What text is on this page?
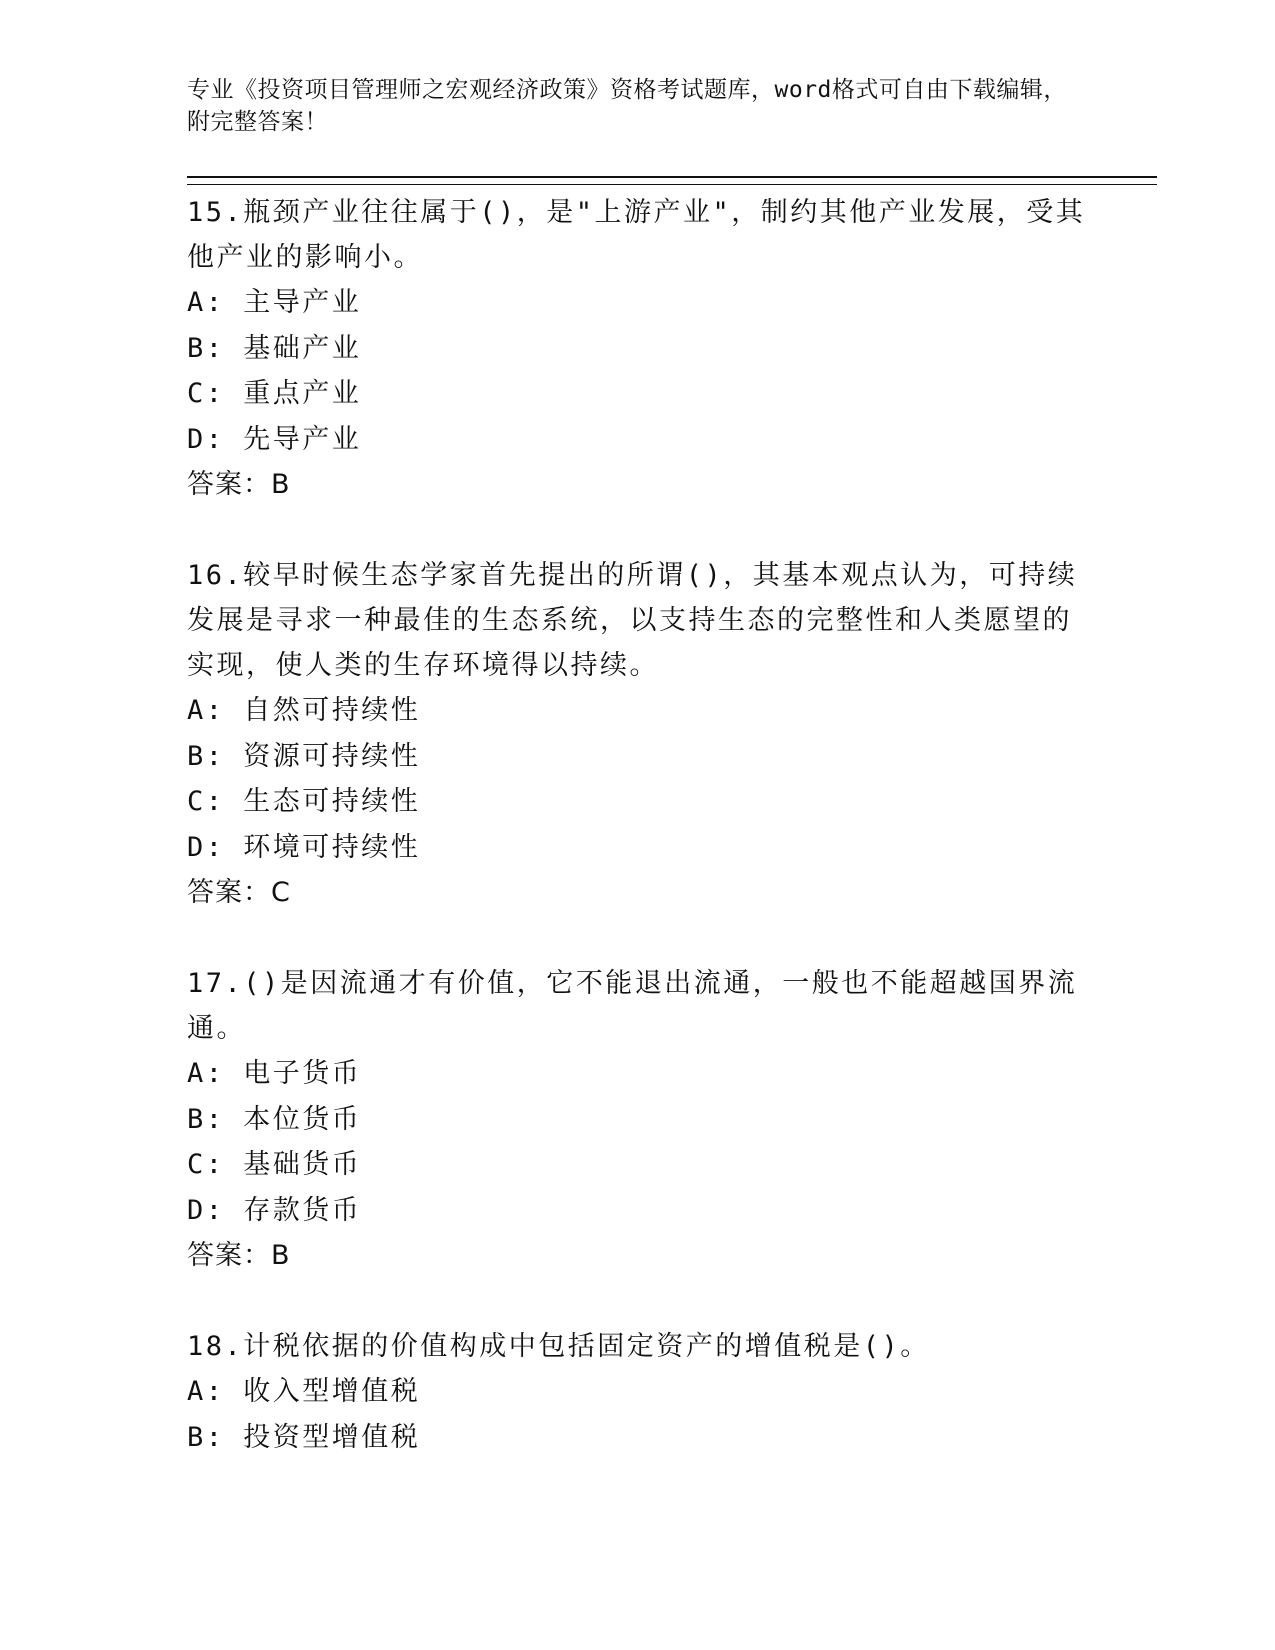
专业《投资项目管理师之宏观经济政策》资格考试题库，word格式可自由下载编辑，附完整答案！

15.瓶颈产业往往属于()，是"上游产业"，制约其他产业发展，受其他产业的影响小。

A: 主导产业
B: 基础产业
C: 重点产业
D: 先导产业
答案：B

16.较早时候生态学家首先提出的所谓()，其基本观点认为，可持续发展是寻求一种最佳的生态系统，以支持生态的完整性和人类愿望的实现，使人类的生存环境得以持续。

A: 自然可持续性
B: 资源可持续性
C: 生态可持续性
D: 环境可持续性
答案：C

17.()是因流通才有价值，它不能退出流通，一般也不能超越国界流通。

A: 电子货币
B: 本位货币
C: 基础货币
D: 存款货币
答案：B

18.计税依据的价值构成中包括固定资产的增值税是()。

A: 收入型增值税
B: 投资型增值税
